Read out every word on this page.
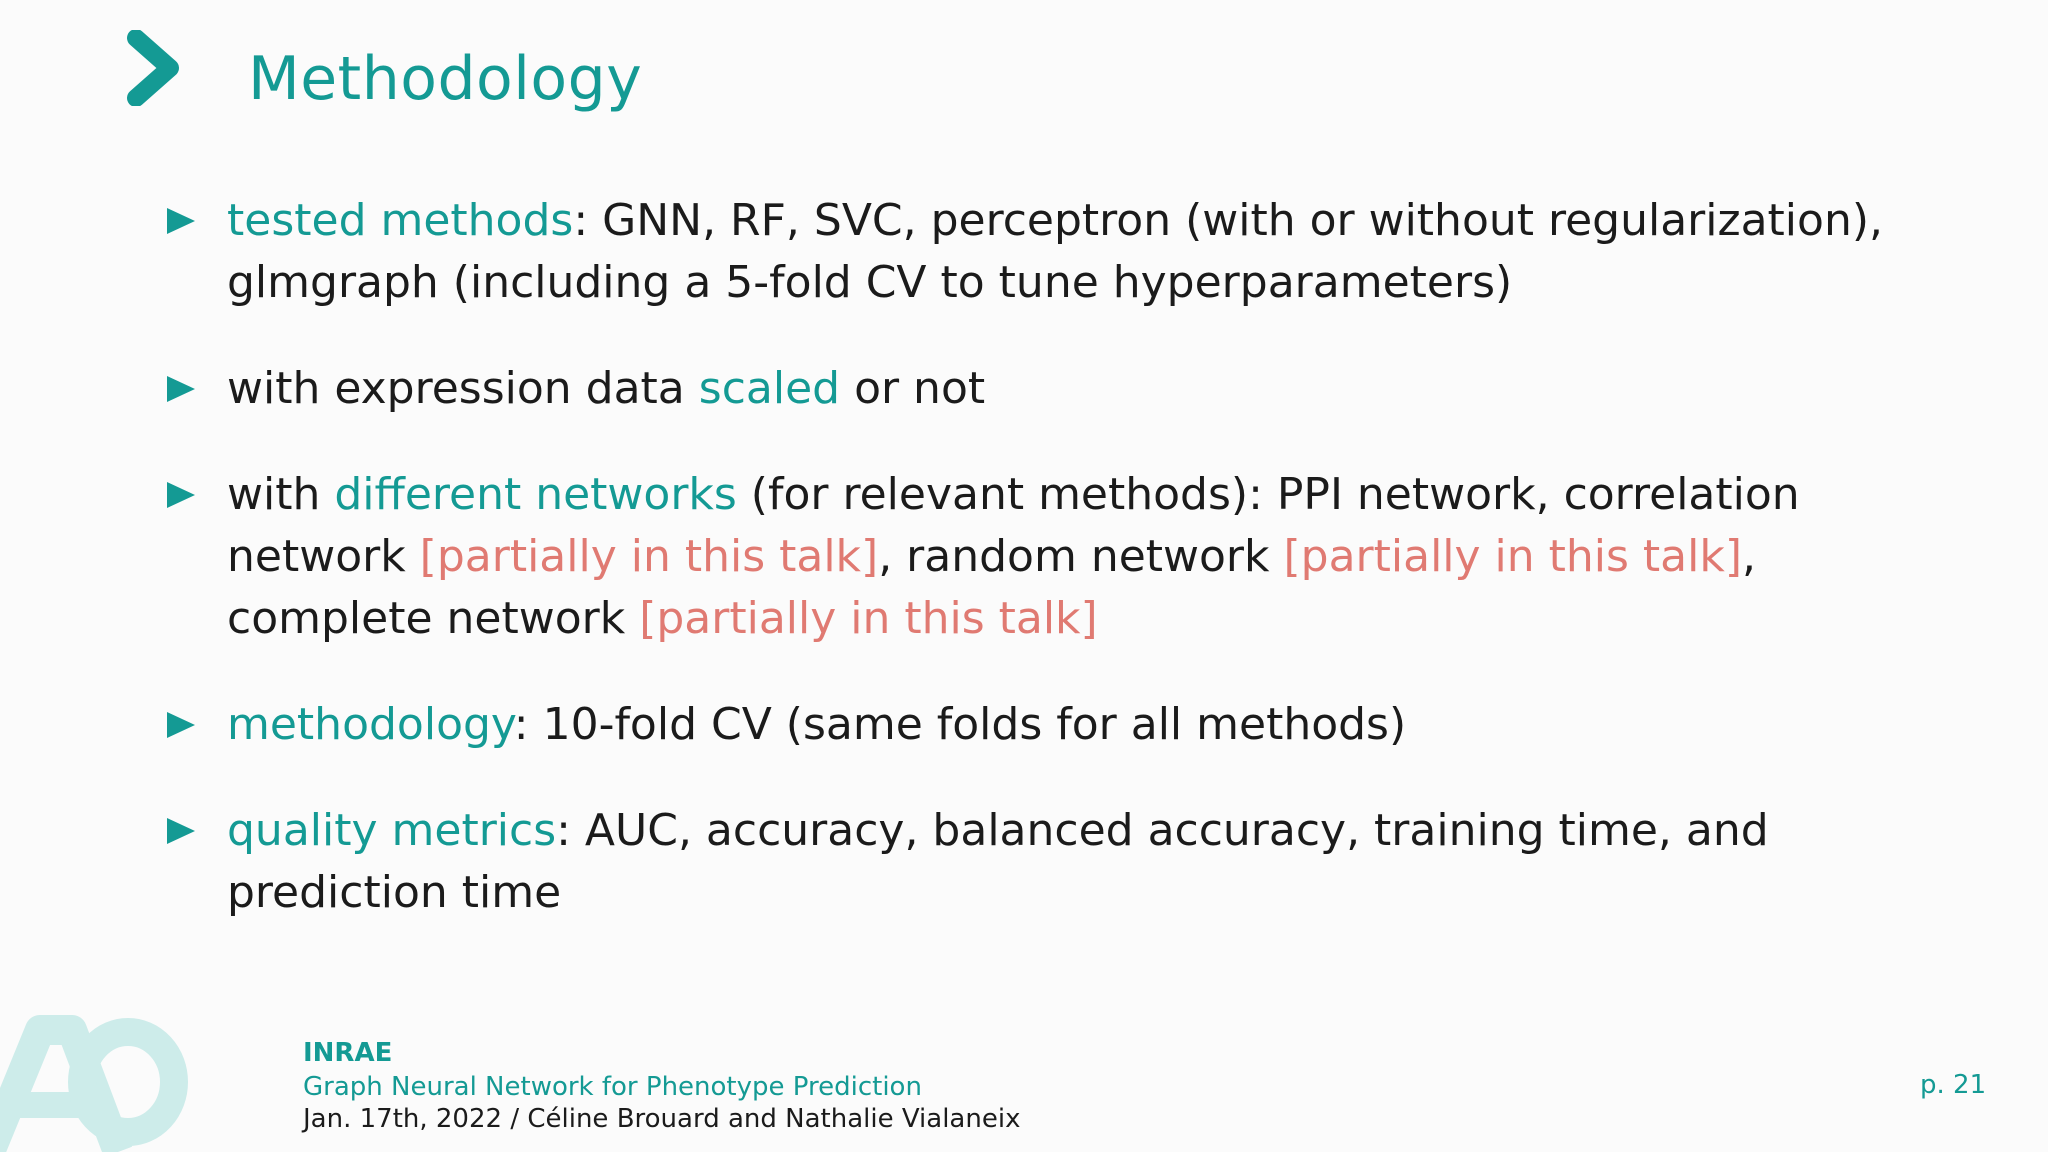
Methodology
tested methods: GNN, RF, SVC, perceptron (with or without regularization), glmgraph (including a 5-fold CV to tune hyperparameters)
with expression data scaled or not
with different networks (for relevant methods): PPI network, correlation network [partially in this talk], random network [partially in this talk], complete network [partially in this talk]
methodology: 10-fold CV (same folds for all methods)
quality metrics: AUC, accuracy, balanced accuracy, training time, and prediction time
INRAE
Graph Neural Network for Phenotype Prediction
Jan. 17th, 2022 / Céline Brouard and Nathalie Vialaneix
p. 21
